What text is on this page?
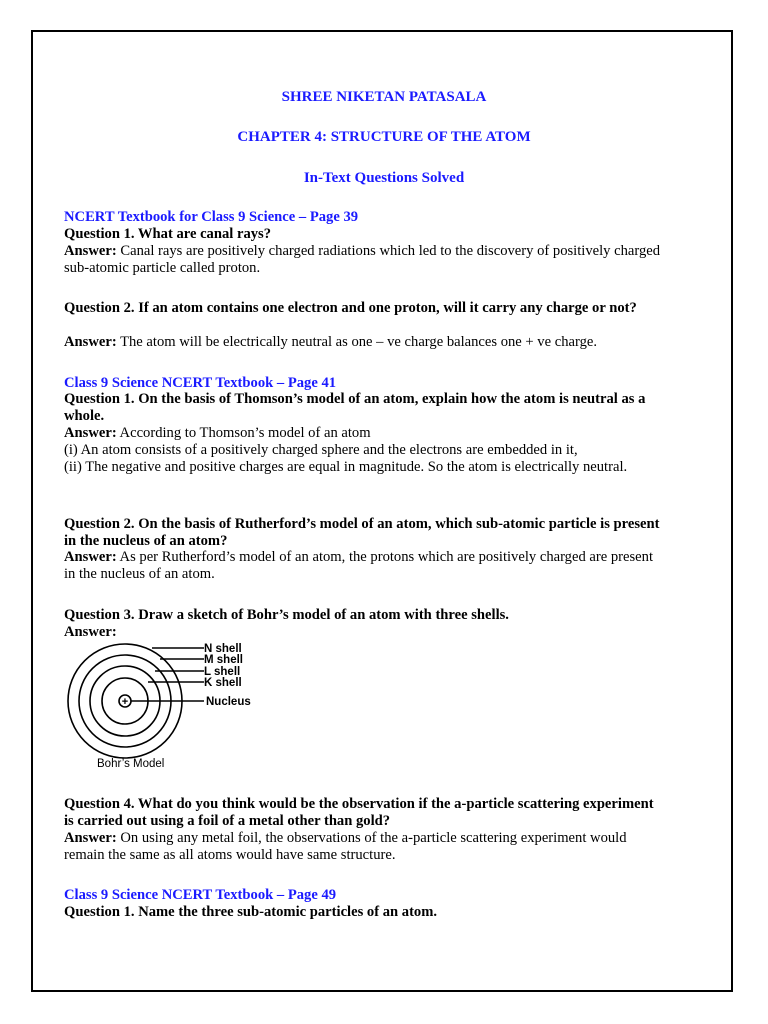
SHREE NIKETAN PATASALA
CHAPTER 4: STRUCTURE OF THE ATOM
In-Text Questions Solved
NCERT Textbook for Class 9 Science – Page 39
Question 1. What are canal rays?
Answer: Canal rays are positively charged radiations which led to the discovery of positively charged sub-atomic particle called proton.
Question 2. If an atom contains one electron and one proton, will it carry any charge or not?
Answer: The atom will be electrically neutral as one – ve charge balances one + ve charge.
Class 9 Science NCERT Textbook – Page 41
Question 1. On the basis of Thomson’s model of an atom, explain how the atom is neutral as a whole.
Answer: According to Thomson’s model of an atom
(i) An atom consists of a positively charged sphere and the electrons are embedded in it,
(ii) The negative and positive charges are equal in magnitude. So the atom is electrically neutral.
Question 2. On the basis of Rutherford’s model of an atom, which sub-atomic particle is present in the nucleus of an atom?
Answer: As per Rutherford’s model of an atom, the protons which are positively charged are present in the nucleus of an atom.
Question 3. Draw a sketch of Bohr’s model of an atom with three shells.
Answer:
+
N shell
M shell
L shell
K shell
Nucleus
Bohr’s Model
Question 4. What do you think would be the observation if the a-particle scattering experiment is carried out using a foil of a metal other than gold?
Answer: On using any metal foil, the observations of the a-particle scattering experiment would remain the same as all atoms would have same structure.
Class 9 Science NCERT Textbook – Page 49
Question 1. Name the three sub-atomic particles of an atom.
